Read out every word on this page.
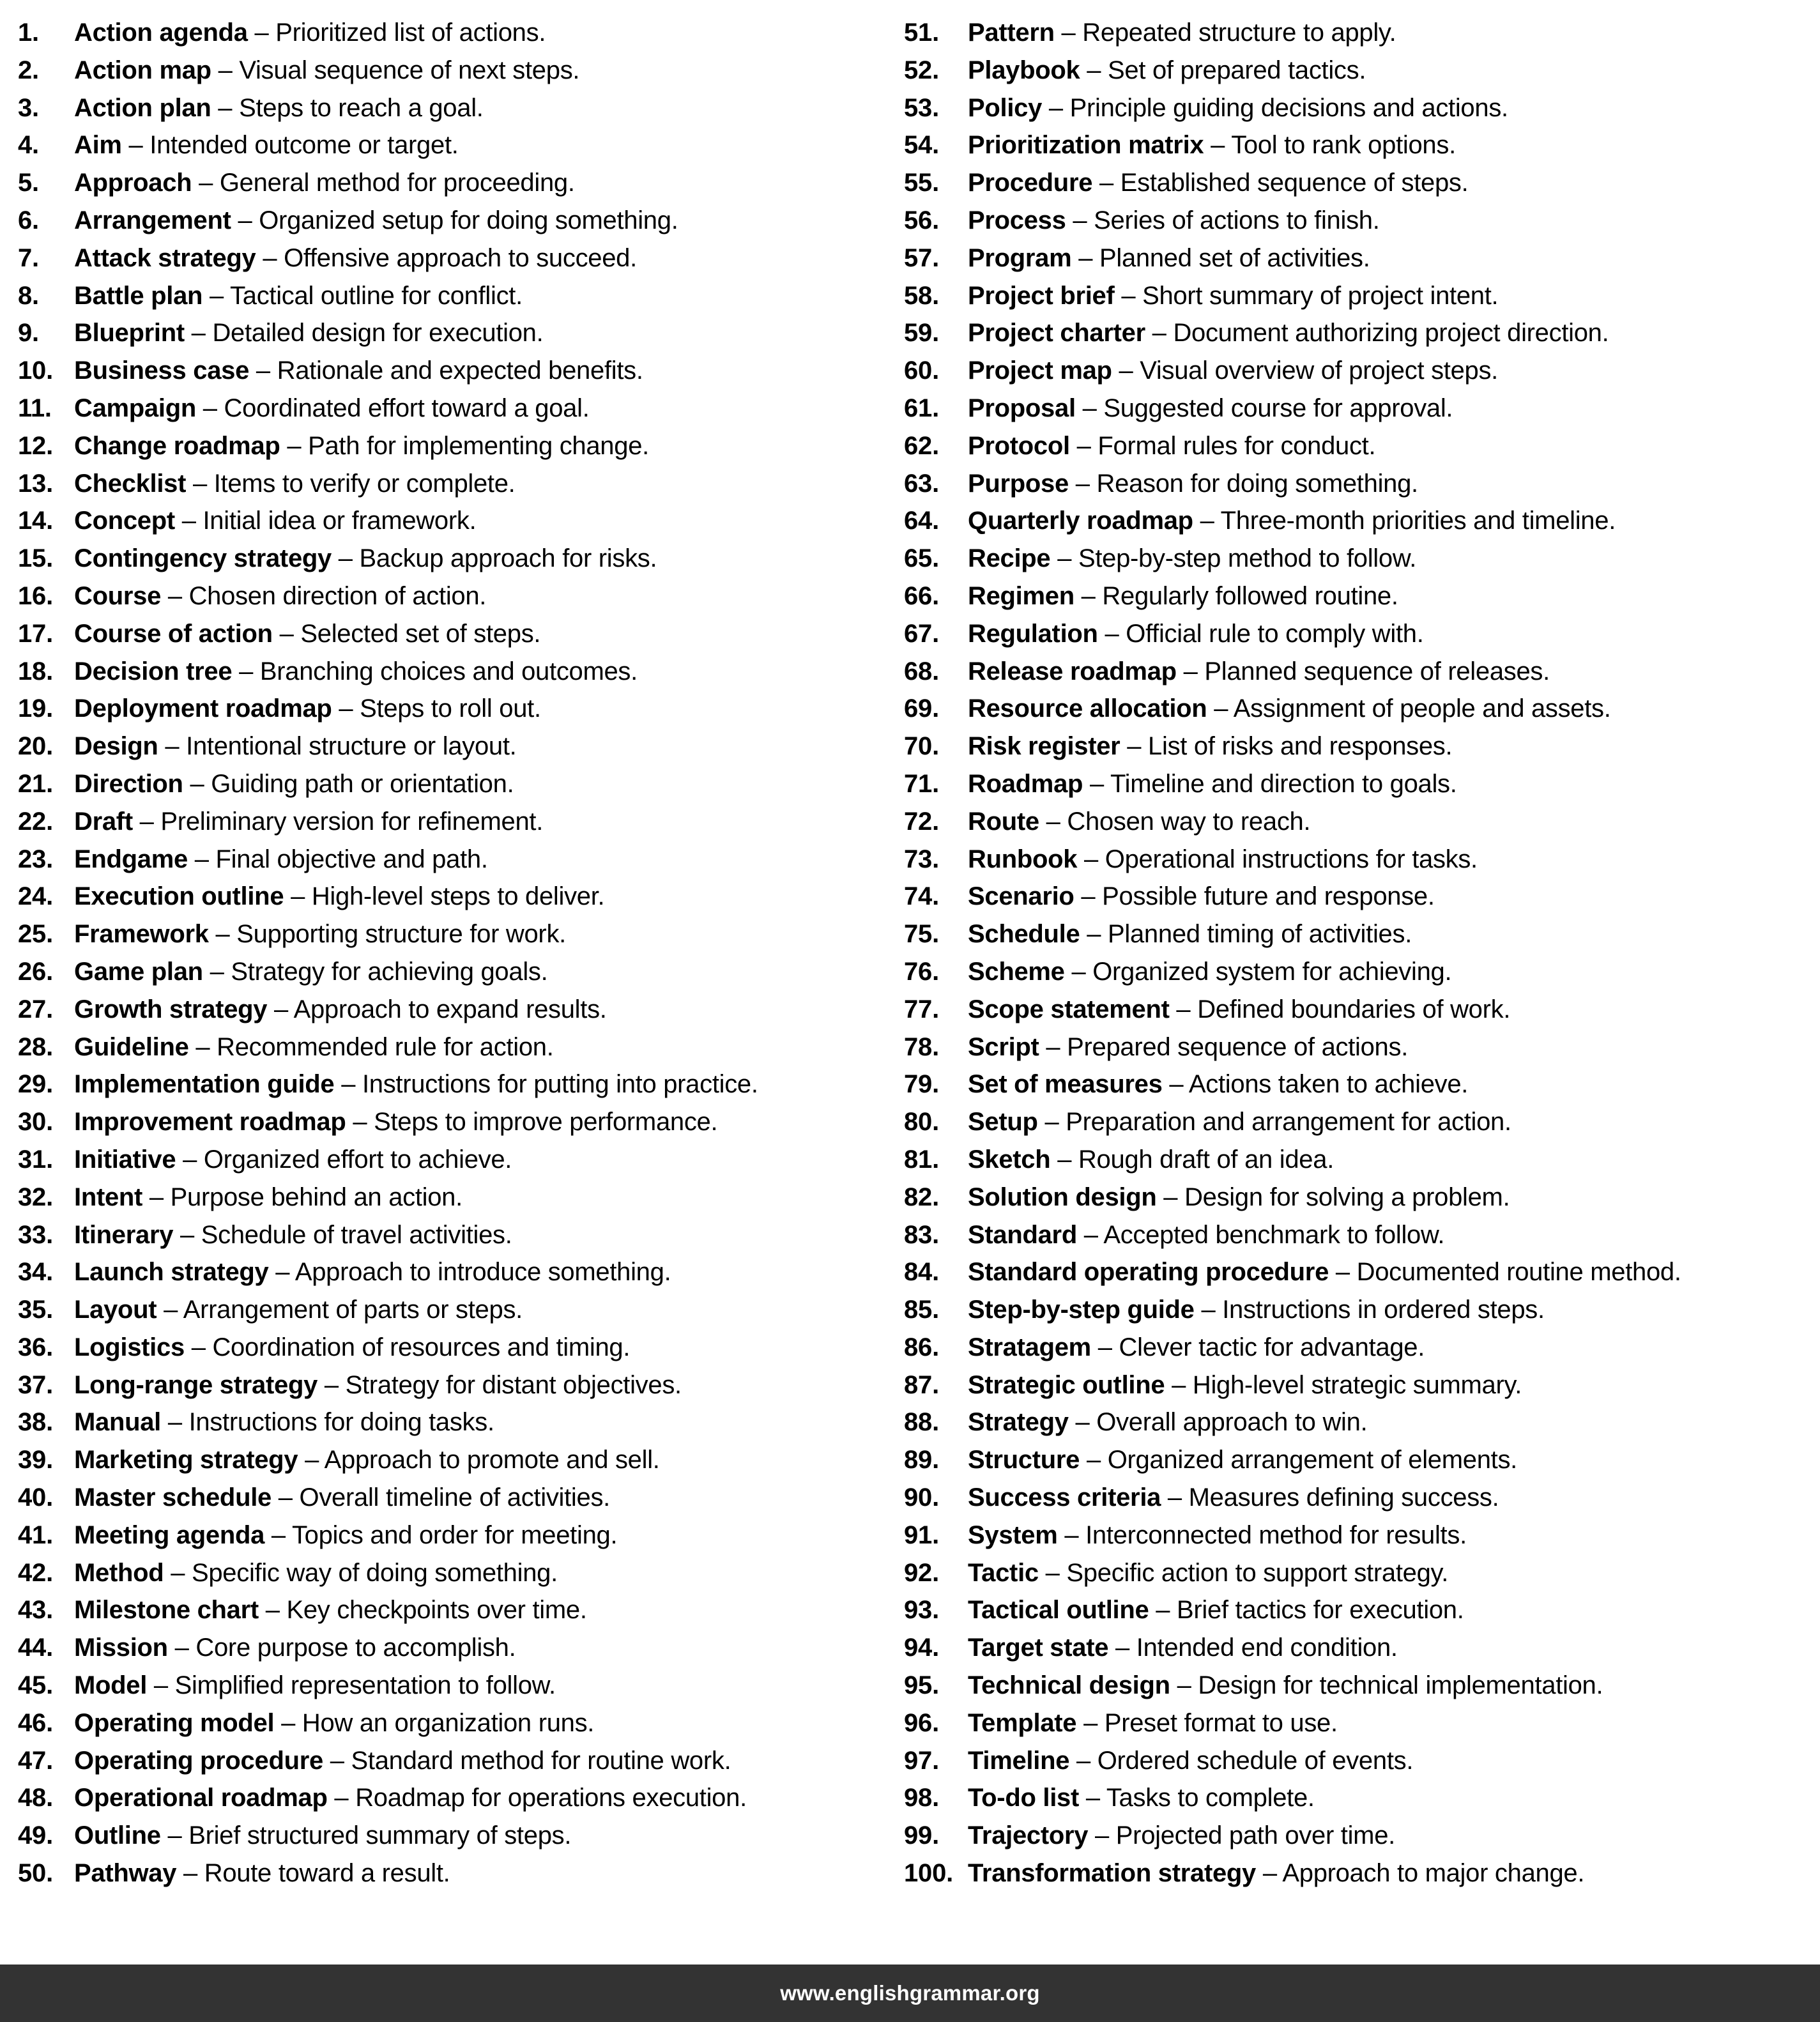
1.	Action agenda – Prioritized list of actions.
2.	Action map – Visual sequence of next steps.
3.	Action plan – Steps to reach a goal.
4.	Aim – Intended outcome or target.
5.	Approach – General method for proceeding.
6.	Arrangement – Organized setup for doing something.
7.	Attack strategy – Offensive approach to succeed.
8.	Battle plan – Tactical outline for conflict.
9.	Blueprint – Detailed design for execution.
10. Business case – Rationale and expected benefits.
11. Campaign – Coordinated effort toward a goal.
12. Change roadmap – Path for implementing change.
13. Checklist – Items to verify or complete.
14. Concept – Initial idea or framework.
15. Contingency strategy – Backup approach for risks.
16. Course – Chosen direction of action.
17. Course of action – Selected set of steps.
18. Decision tree – Branching choices and outcomes.
19. Deployment roadmap – Steps to roll out.
20. Design – Intentional structure or layout.
21. Direction – Guiding path or orientation.
22. Draft – Preliminary version for refinement.
23. Endgame – Final objective and path.
24. Execution outline – High-level steps to deliver.
25. Framework – Supporting structure for work.
26. Game plan – Strategy for achieving goals.
27. Growth strategy – Approach to expand results.
28. Guideline – Recommended rule for action.
29. Implementation guide – Instructions for putting into practice.
30. Improvement roadmap – Steps to improve performance.
31. Initiative – Organized effort to achieve.
32. Intent – Purpose behind an action.
33. Itinerary – Schedule of travel activities.
34. Launch strategy – Approach to introduce something.
35. Layout – Arrangement of parts or steps.
36. Logistics – Coordination of resources and timing.
37. Long-range strategy – Strategy for distant objectives.
38. Manual – Instructions for doing tasks.
39. Marketing strategy – Approach to promote and sell.
40. Master schedule – Overall timeline of activities.
41. Meeting agenda – Topics and order for meeting.
42. Method – Specific way of doing something.
43. Milestone chart – Key checkpoints over time.
44. Mission – Core purpose to accomplish.
45. Model – Simplified representation to follow.
46. Operating model – How an organization runs.
47. Operating procedure – Standard method for routine work.
48. Operational roadmap – Roadmap for operations execution.
49. Outline – Brief structured summary of steps.
50. Pathway – Route toward a result.
51.	Pattern – Repeated structure to apply.
52.	Playbook – Set of prepared tactics.
53.	Policy – Principle guiding decisions and actions.
54.	Prioritization matrix – Tool to rank options.
55.	Procedure – Established sequence of steps.
56.	Process – Series of actions to finish.
57.	Program – Planned set of activities.
58.	Project brief – Short summary of project intent.
59.	Project charter – Document authorizing project direction.
60.	Project map – Visual overview of project steps.
61.	Proposal – Suggested course for approval.
62.	Protocol – Formal rules for conduct.
63.	Purpose – Reason for doing something.
64.	Quarterly roadmap – Three-month priorities and timeline.
65.	Recipe – Step-by-step method to follow.
66.	Regimen – Regularly followed routine.
67.	Regulation – Official rule to comply with.
68.	Release roadmap – Planned sequence of releases.
69.	Resource allocation – Assignment of people and assets.
70.	Risk register – List of risks and responses.
71.	Roadmap – Timeline and direction to goals.
72.	Route – Chosen way to reach.
73.	Runbook – Operational instructions for tasks.
74.	Scenario – Possible future and response.
75.	Schedule – Planned timing of activities.
76.	Scheme – Organized system for achieving.
77.	Scope statement – Defined boundaries of work.
78.	Script – Prepared sequence of actions.
79.	Set of measures – Actions taken to achieve.
80.	Setup – Preparation and arrangement for action.
81.	Sketch – Rough draft of an idea.
82.	Solution design – Design for solving a problem.
83.	Standard – Accepted benchmark to follow.
84.	Standard operating procedure – Documented routine method.
85.	Step-by-step guide – Instructions in ordered steps.
86.	Stratagem – Clever tactic for advantage.
87.	Strategic outline – High-level strategic summary.
88.	Strategy – Overall approach to win.
89.	Structure – Organized arrangement of elements.
90.	Success criteria – Measures defining success.
91.	System – Interconnected method for results.
92.	Tactic – Specific action to support strategy.
93.	Tactical outline – Brief tactics for execution.
94.	Target state – Intended end condition.
95.	Technical design – Design for technical implementation.
96.	Template – Preset format to use.
97.	Timeline – Ordered schedule of events.
98.	To-do list – Tasks to complete.
99.	Trajectory – Projected path over time.
100. Transformation strategy – Approach to major change.
www.englishgrammar.org
